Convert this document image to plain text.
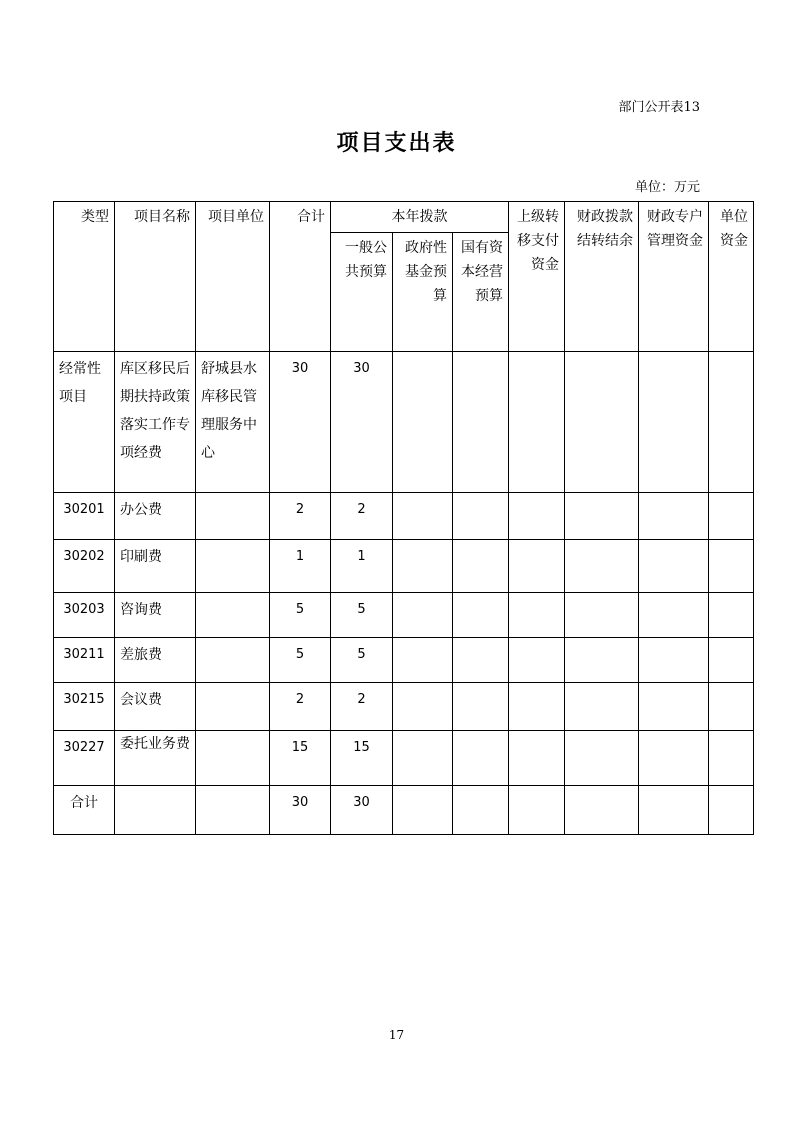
部门公开表13
项目支出表
单位：万元
类型	项目名称	项目单位	合计	本年拨款			上级转移支付资金	财政拨款结转结余	财政专户管理资金	单位资金
				一般公共预算	政府性基金预算	国有资本经营预算				
经常性项目	库区移民后期扶持政策落实工作专项经费	舒城县水库移民管理服务中心	30	30						
30201	办公费		2	2						
30202	印刷费		1	1						
30203	咨询费		5	5						
30211	差旅费		5	5						
30215	会议费		2	2						
30227	委托业务费		15	15						
合计			30	30						
17
